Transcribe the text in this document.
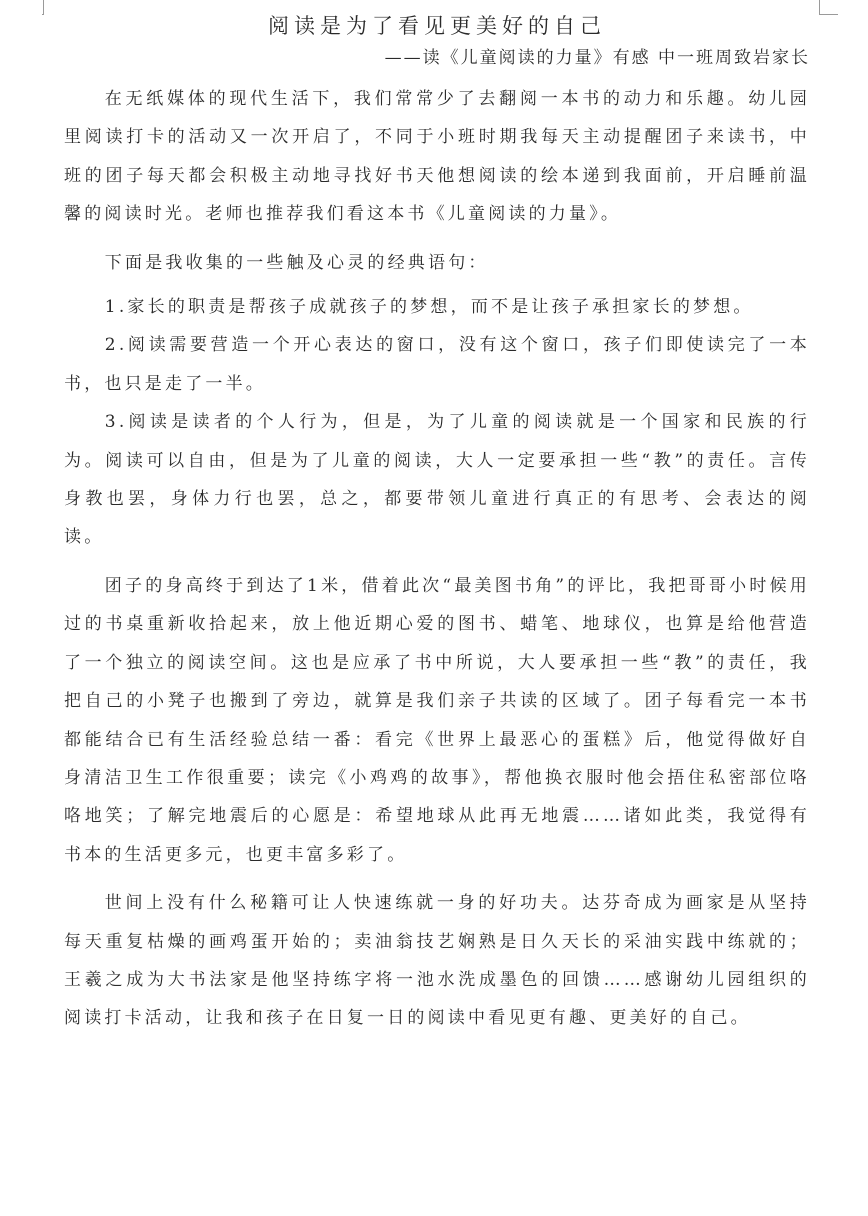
阅读是为了看见更美好的自己
——读《儿童阅读的力量》有感 中一班周致岩家长

在无纸媒体的现代生活下，我们常常少了去翻阅一本书的动力和乐趣。幼儿园里阅读打卡的活动又一次开启了，不同于小班时期我每天主动提醒团子来读书，中班的团子每天都会积极主动地寻找好书天他想阅读的绘本递到我面前，开启睡前温馨的阅读时光。老师也推荐我们看这本书《儿童阅读的力量》。

下面是我收集的一些触及心灵的经典语句：

1.家长的职责是帮孩子成就孩子的梦想，而不是让孩子承担家长的梦想。

2.阅读需要营造一个开心表达的窗口，没有这个窗口，孩子们即使读完了一本书，也只是走了一半。

3.阅读是读者的个人行为，但是，为了儿童的阅读就是一个国家和民族的行为。阅读可以自由，但是为了儿童的阅读，大人一定要承担一些“教”的责任。言传身教也罢，身体力行也罢，总之，都要带领儿童进行真正的有思考、会表达的阅读。

团子的身高终于到达了1米，借着此次“最美图书角”的评比，我把哥哥小时候用过的书桌重新收拾起来，放上他近期心爱的图书、蜡笔、地球仪，也算是给他营造了一个独立的阅读空间。这也是应承了书中所说，大人要承担一些“教”的责任，我把自己的小凳子也搬到了旁边，就算是我们亲子共读的区域了。团子每看完一本书都能结合已有生活经验总结一番：看完《世界上最恶心的蛋糕》后，他觉得做好自身清洁卫生工作很重要；读完《小鸡鸡的故事》，帮他换衣服时他会捂住私密部位咯咯地笑；了解完地震后的心愿是：希望地球从此再无地震……诸如此类，我觉得有书本的生活更多元，也更丰富多彩了。

世间上没有什么秘籍可让人快速练就一身的好功夫。达芬奇成为画家是从坚持每天重复枯燥的画鸡蛋开始的；卖油翁技艺娴熟是日久天长的采油实践中练就的；王羲之成为大书法家是他坚持练字将一池水洗成墨色的回馈……感谢幼儿园组织的阅读打卡活动，让我和孩子在日复一日的阅读中看见更有趣、更美好的自己。
